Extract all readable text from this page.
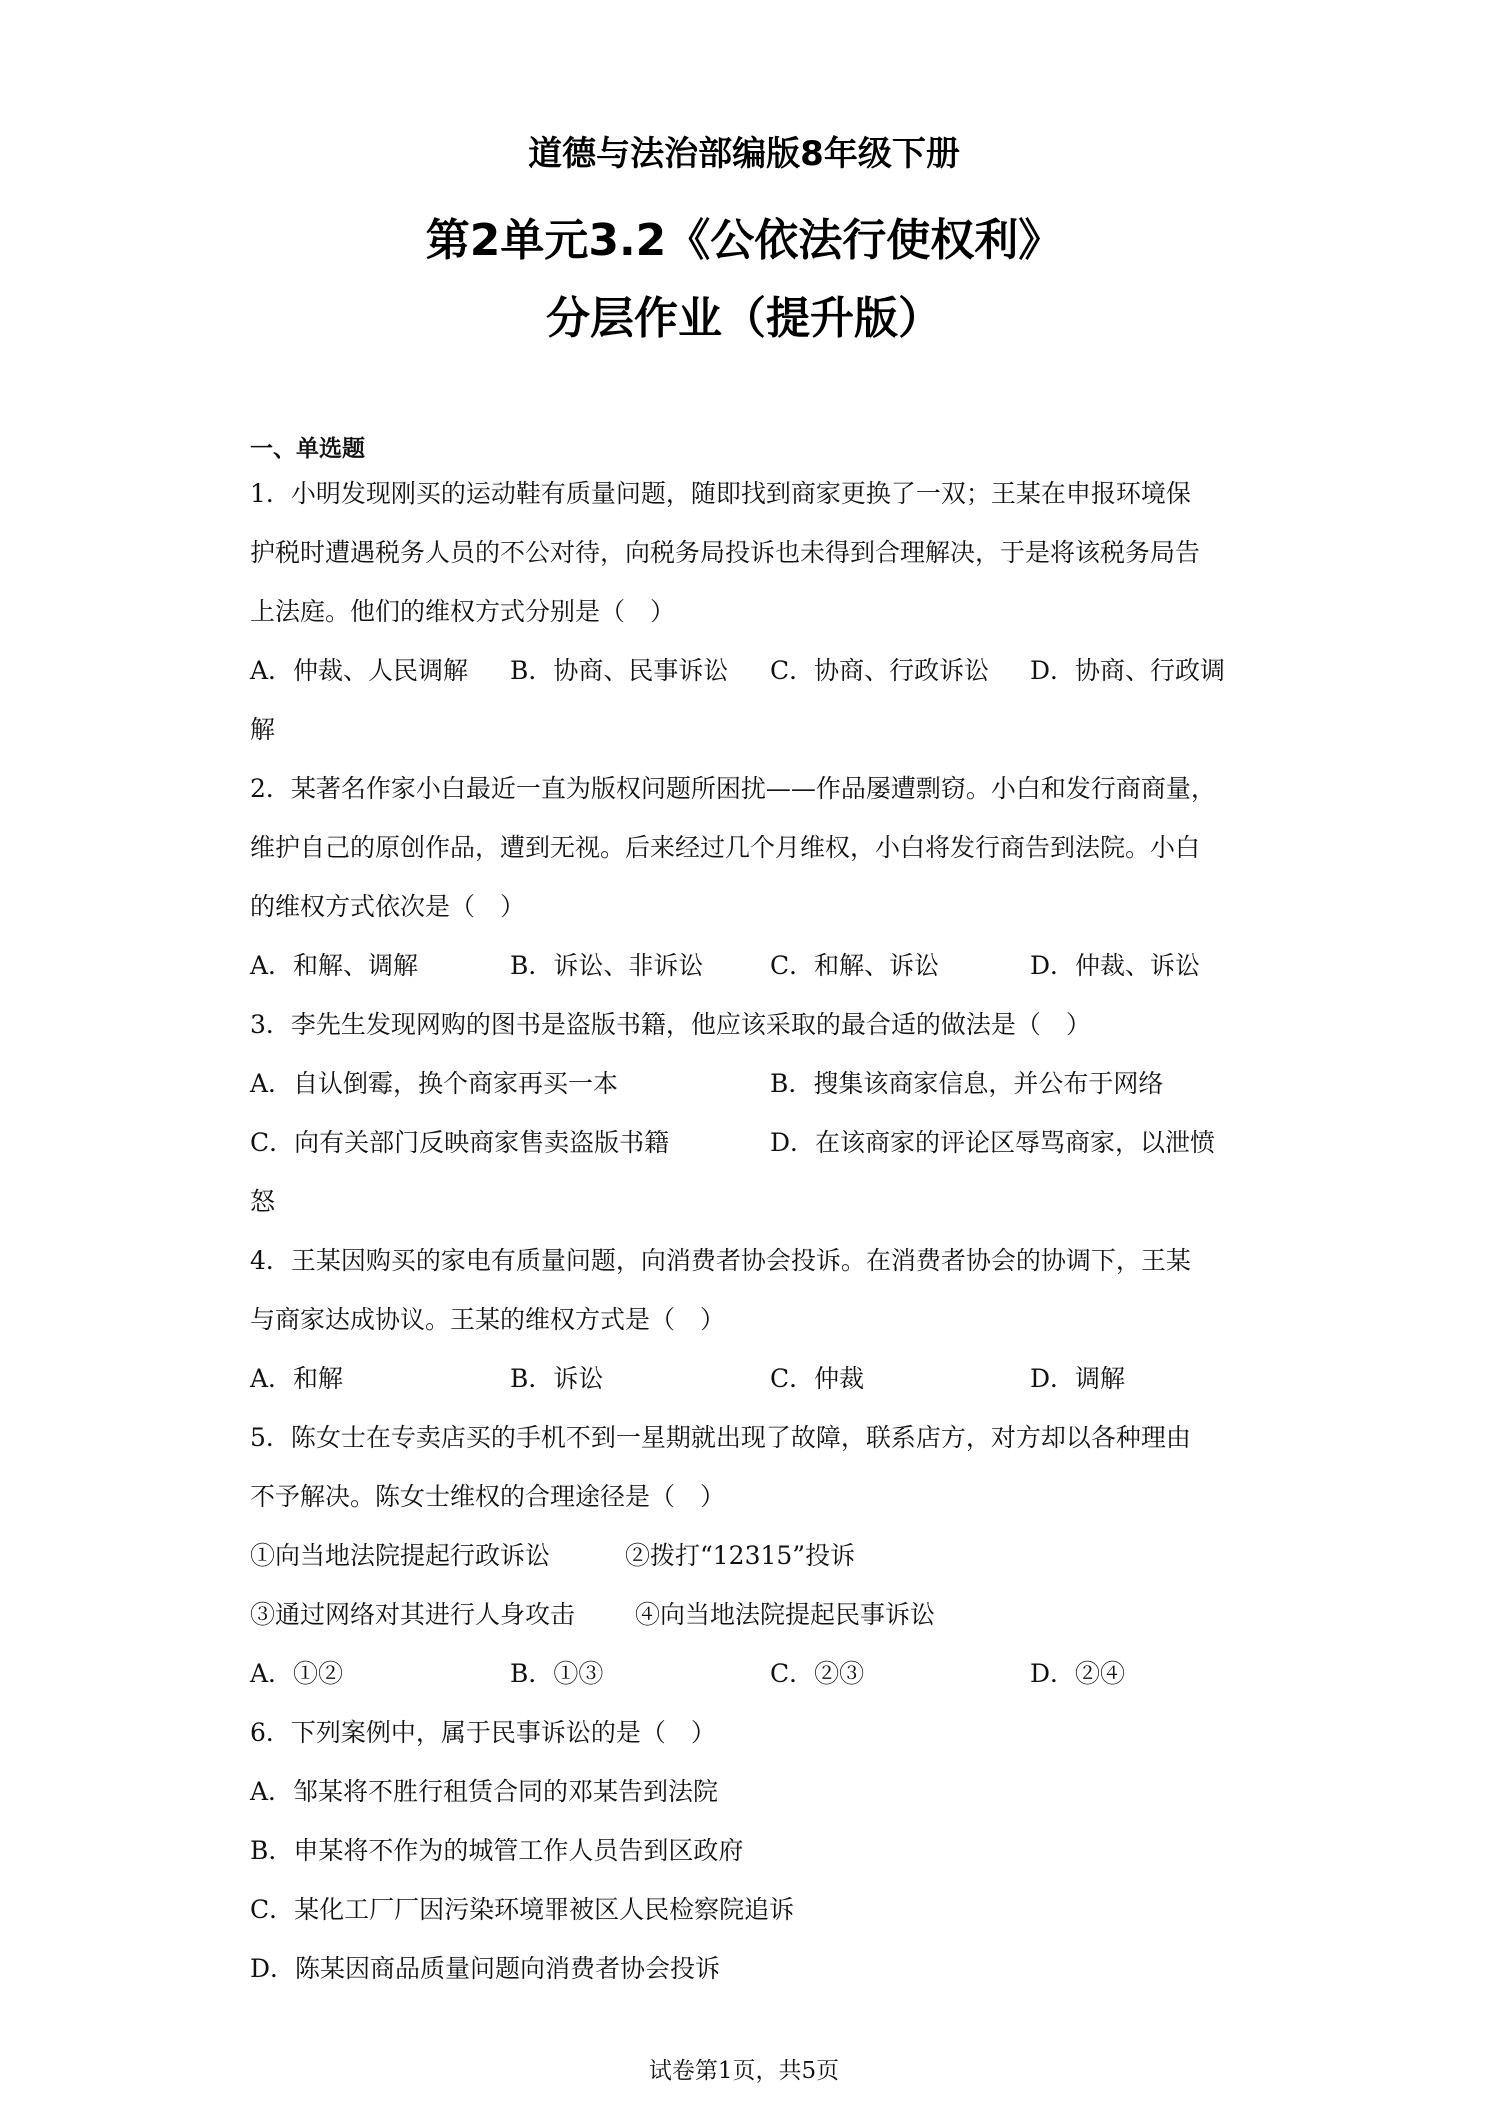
道德与法治部编版8年级下册
第2单元3.2《公依法行使权利》
分层作业（提升版）
一、单选题
1．小明发现刚买的运动鞋有质量问题，随即找到商家更换了一双；王某在申报环境保
护税时遭遇税务人员的不公对待，向税务局投诉也未得到合理解决，于是将该税务局告
上法庭。他们的维权方式分别是（　）
A．仲裁、人民调解 B．协商、民事诉讼 C．协商、行政诉讼 D．协商、行政调
解
2．某著名作家小白最近一直为版权问题所困扰——作品屡遭剽窃。小白和发行商商量，
维护自己的原创作品，遭到无视。后来经过几个月维权，小白将发行商告到法院。小白
的维权方式依次是（　）
A．和解、调解	B．诉讼、非诉讼	C．和解、诉讼	D．仲裁、诉讼
3．李先生发现网购的图书是盗版书籍，他应该采取的最合适的做法是（　）
A．自认倒霉，换个商家再买一本	B．搜集该商家信息，并公布于网络
C．向有关部门反映商家售卖盗版书籍	D．在该商家的评论区辱骂商家，以泄愤
怒
4．王某因购买的家电有质量问题，向消费者协会投诉。在消费者协会的协调下，王某
与商家达成协议。王某的维权方式是（　）
A．和解	B．诉讼	C．仲裁	D．调解
5．陈女士在专卖店买的手机不到一星期就出现了故障，联系店方，对方却以各种理由
不予解决。陈女士维权的合理途径是（　）
①向当地法院提起行政诉讼	②拨打“12315”投诉
③通过网络对其进行人身攻击 ④向当地法院提起民事诉讼
A．①②	B．①③	C．②③	D．②④
6．下列案例中，属于民事诉讼的是（　）
A．邹某将不胜行租赁合同的邓某告到法院
B．申某将不作为的城管工作人员告到区政府
C．某化工厂厂因污染环境罪被区人民检察院追诉
D．陈某因商品质量问题向消费者协会投诉
试卷第1页，共5页
